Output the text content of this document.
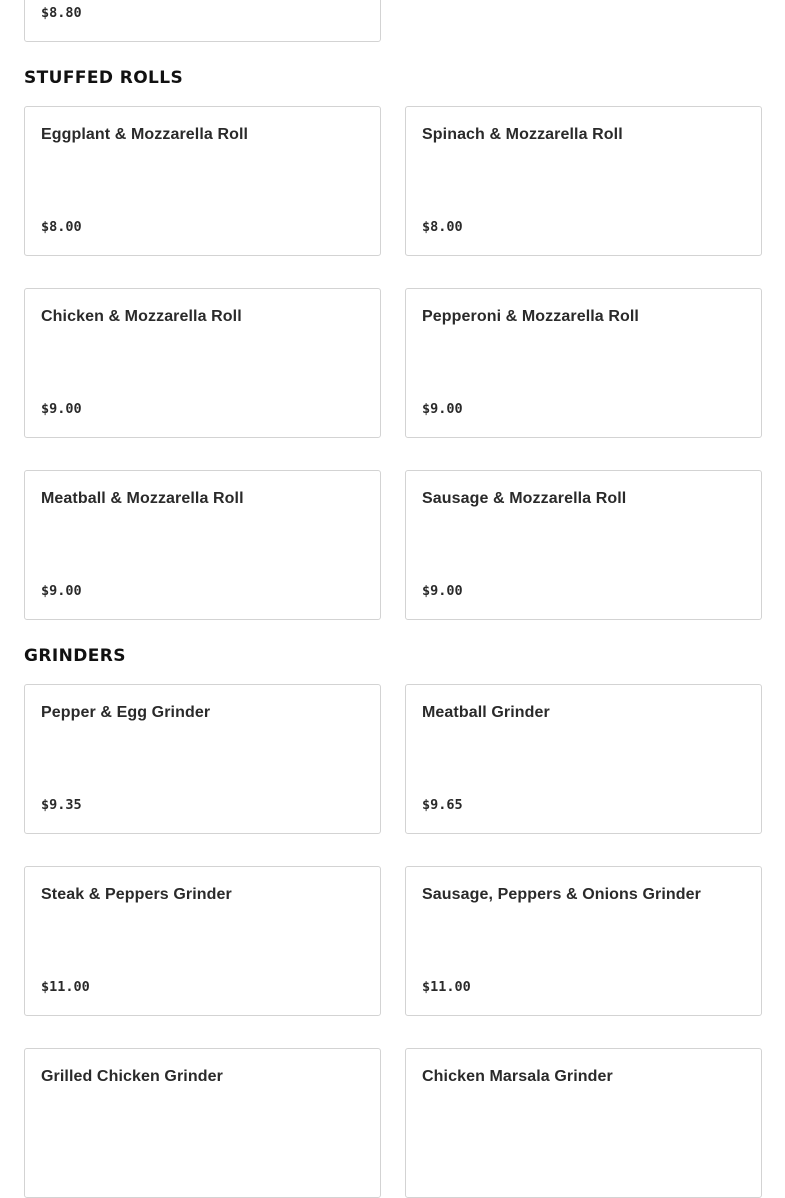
$8.80
STUFFED ROLLS
Eggplant & Mozzarella Roll
$8.00
Spinach & Mozzarella Roll
$8.00
Chicken & Mozzarella Roll
$9.00
Pepperoni & Mozzarella Roll
$9.00
Meatball & Mozzarella Roll
$9.00
Sausage & Mozzarella Roll
$9.00
GRINDERS
Pepper & Egg Grinder
$9.35
Meatball Grinder
$9.65
Steak & Peppers Grinder
$11.00
Sausage, Peppers & Onions Grinder
$11.00
Grilled Chicken Grinder	Chicken Marsala Grinder
